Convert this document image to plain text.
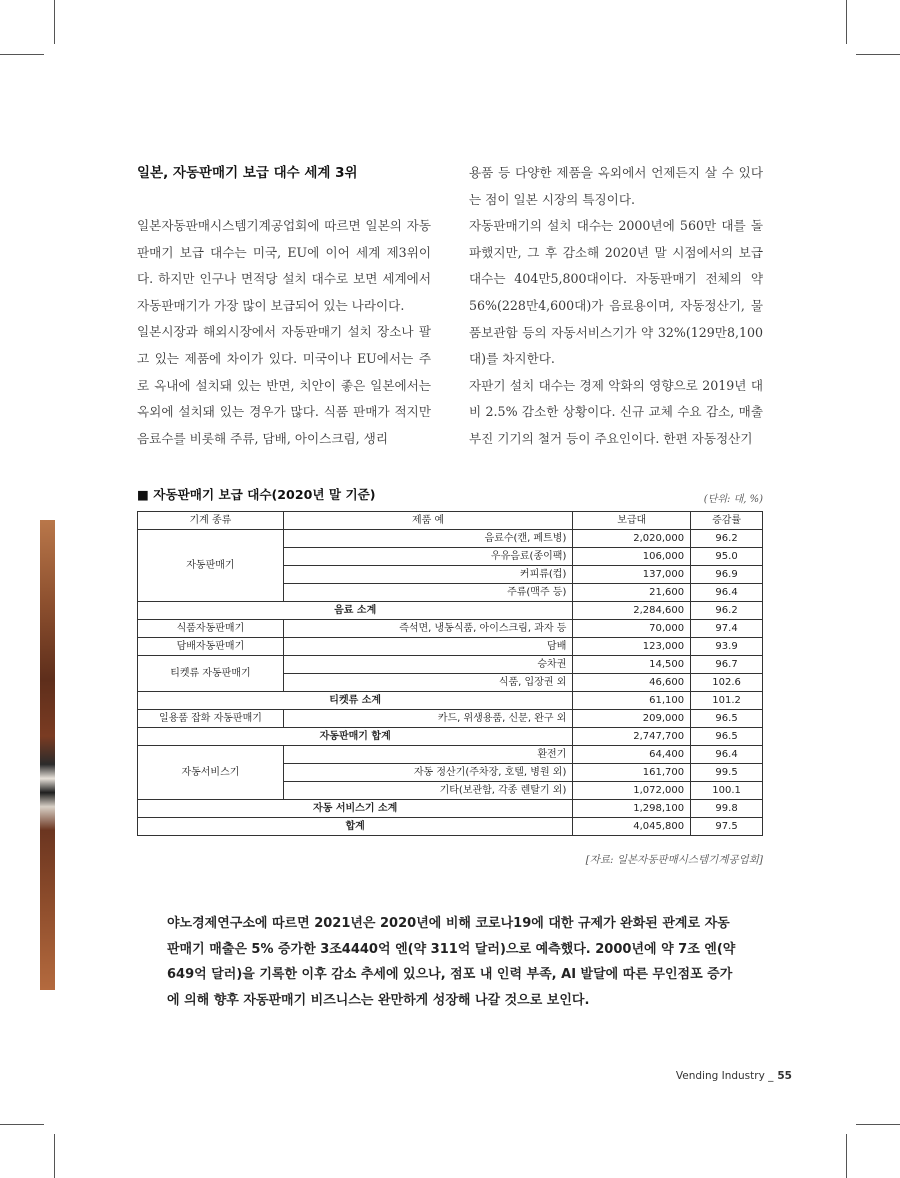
일본, 자동판매기 보급 대수 세계 3위

일본자동판매시스템기계공업회에 따르면 일본의 자동판매기 보급 대수는 미국, EU에 이어 세계 제3위이다. 하지만 인구나 면적당 설치 대수로 보면 세계에서 자동판매기가 가장 많이 보급되어 있는 나라이다.

일본시장과 해외시장에서 자동판매기 설치 장소나 팔고 있는 제품에 차이가 있다. 미국이나 EU에서는 주로 옥내에 설치돼 있는 반면, 치안이 좋은 일본에서는 옥외에 설치돼 있는 경우가 많다. 식품 판매가 적지만 음료수를 비롯해 주류, 담배, 아이스크림, 생리

용품 등 다양한 제품을 옥외에서 언제든지 살 수 있다는 점이 일본 시장의 특징이다.

자동판매기의 설치 대수는 2000년에 560만 대를 돌파했지만, 그 후 감소해 2020년 말 시점에서의 보급 대수는 404만5,800대이다. 자동판매기 전체의 약 56%(228만4,600대)가 음료용이며, 자동정산기, 물품보관함 등의 자동서비스기가 약 32%(129만8,100대)를 차지한다.

자판기 설치 대수는 경제 악화의 영향으로 2019년 대비 2.5% 감소한 상황이다. 신규 교체 수요 감소, 매출 부진 기기의 철거 등이 주요인이다. 한편 자동정산기

■ 자동판매기 보급 대수(2020년 말 기준)	(단위: 대, %)
기계 종류	제품 예	보급대	증감률
자동판매기	음료수(캔, 페트병)	2,020,000	96.2
	우유음료(종이팩)	106,000	95.0
	커피류(컵)	137,000	96.9
	주류(맥주 등)	21,600	96.4
음료 소계		2,284,600	96.2
식품자동판매기	즉석면, 냉동식품, 아이스크림, 과자 등	70,000	97.4
담배자동판매기	담배	123,000	93.9
티켓류 자동판매기	승차권	14,500	96.7
	식품, 입장권 외	46,600	102.6
티켓류 소계		61,100	101.2
일용품 잡화 자동판매기	카드, 위생용품, 신문, 완구 외	209,000	96.5
자동판매기 합계		2,747,700	96.5
자동서비스기	환전기	64,400	96.4
	자동 정산기(주차장, 호텔, 병원 외)	161,700	99.5
	기타(보관함, 각종 렌탈기 외)	1,072,000	100.1
자동 서비스기 소계		1,298,100	99.8
합계		4,045,800	97.5
[자료: 일본자동판매시스템기계공업회]

야노경제연구소에 따르면 2021년은 2020년에 비해 코로나19에 대한 규제가 완화된 관계로 자동판매기 매출은 5% 증가한 3조4440억 엔(약 311억 달러)으로 예측했다. 2000년에 약 7조 엔(약 649억 달러)을 기록한 이후 감소 추세에 있으나, 점포 내 인력 부족, AI 발달에 따른 무인점포 증가에 의해 향후 자동판매기 비즈니스는 완만하게 성장해 나갈 것으로 보인다.

Vending Industry _ 55
